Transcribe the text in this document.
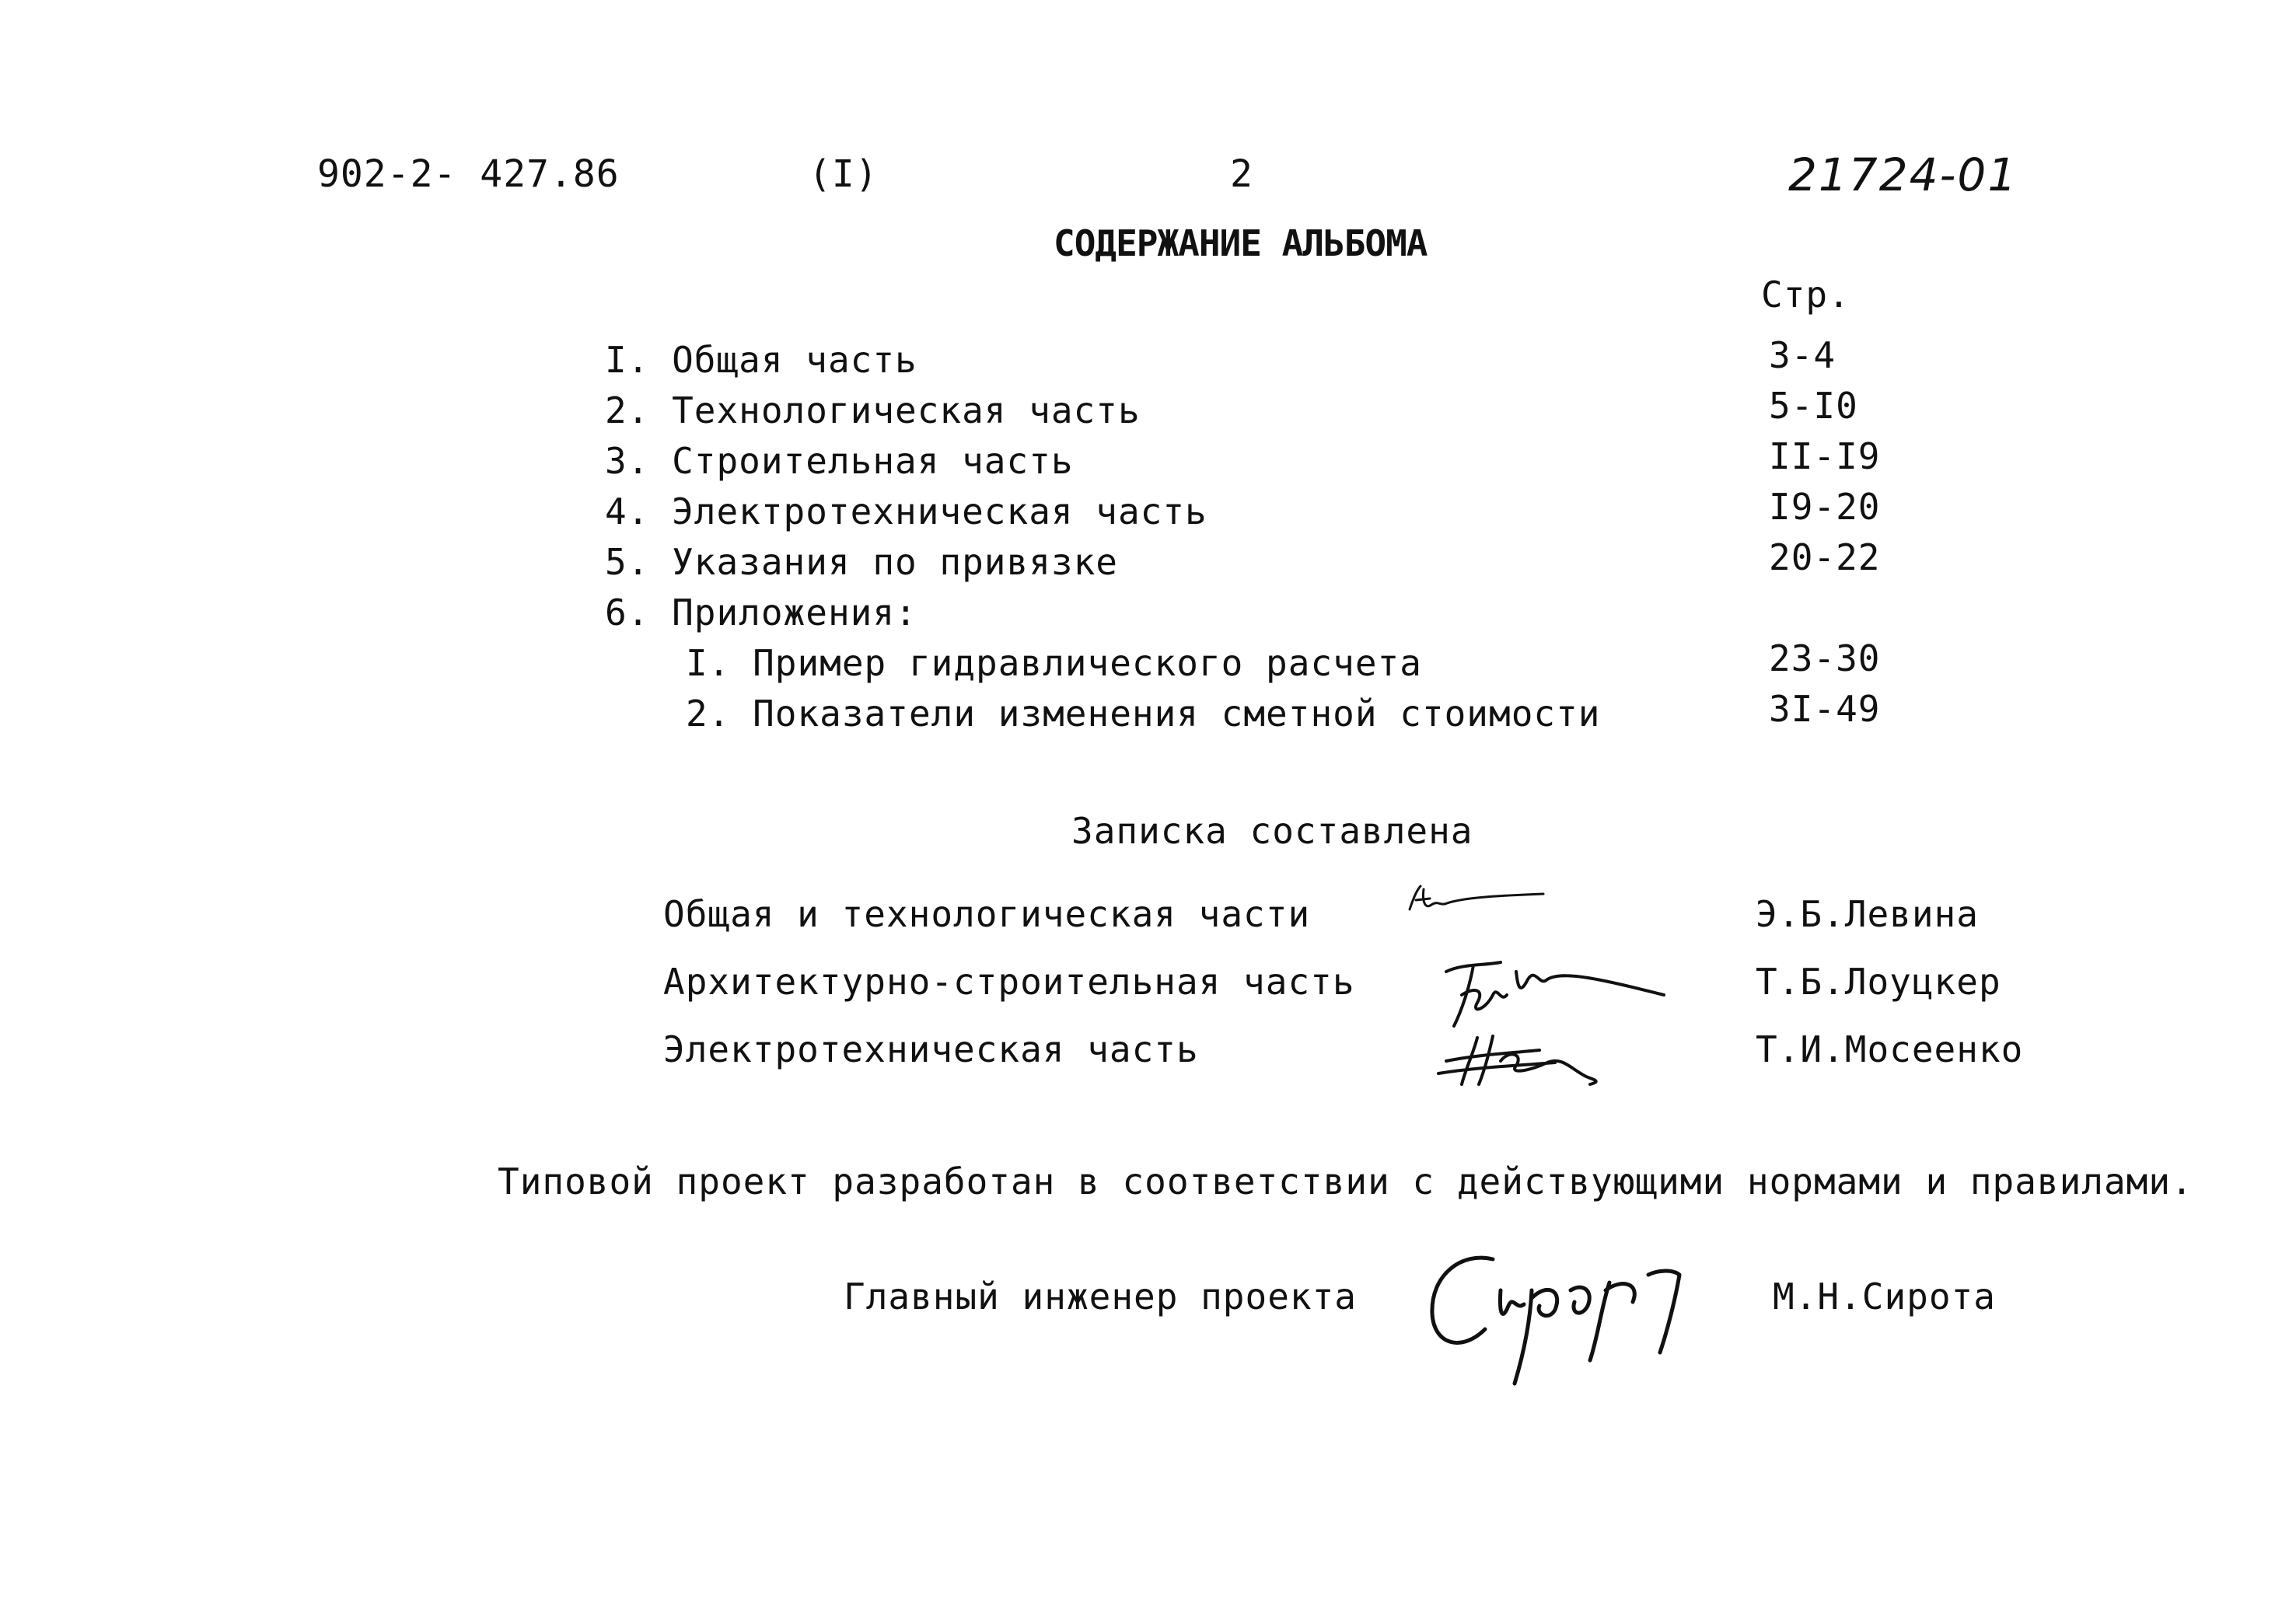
902-2- 427.86	(I)	2	21724-01
СОДЕРЖАНИЕ АЛЬБОМА
Стр.
I. Общая часть	3-4
2. Технологическая часть	5-I0
3. Строительная часть	II-I9
4. Электротехническая часть	I9-20
5. Указания по привязке	20-22
6. Приложения:
I. Пример гидравлического расчета	23-30
2. Показатели изменения сметной стоимости	3I-49
Записка составлена
Общая и технологическая части	Э.Б.Левина
Архитектурно-строительная часть	Т.Б.Лоуцкер
Электротехническая часть	Т.И.Мосеенко
Типовой проект разработан в соответствии с действующими нормами и правилами.
Главный инженер проекта	М.Н.Сирота
